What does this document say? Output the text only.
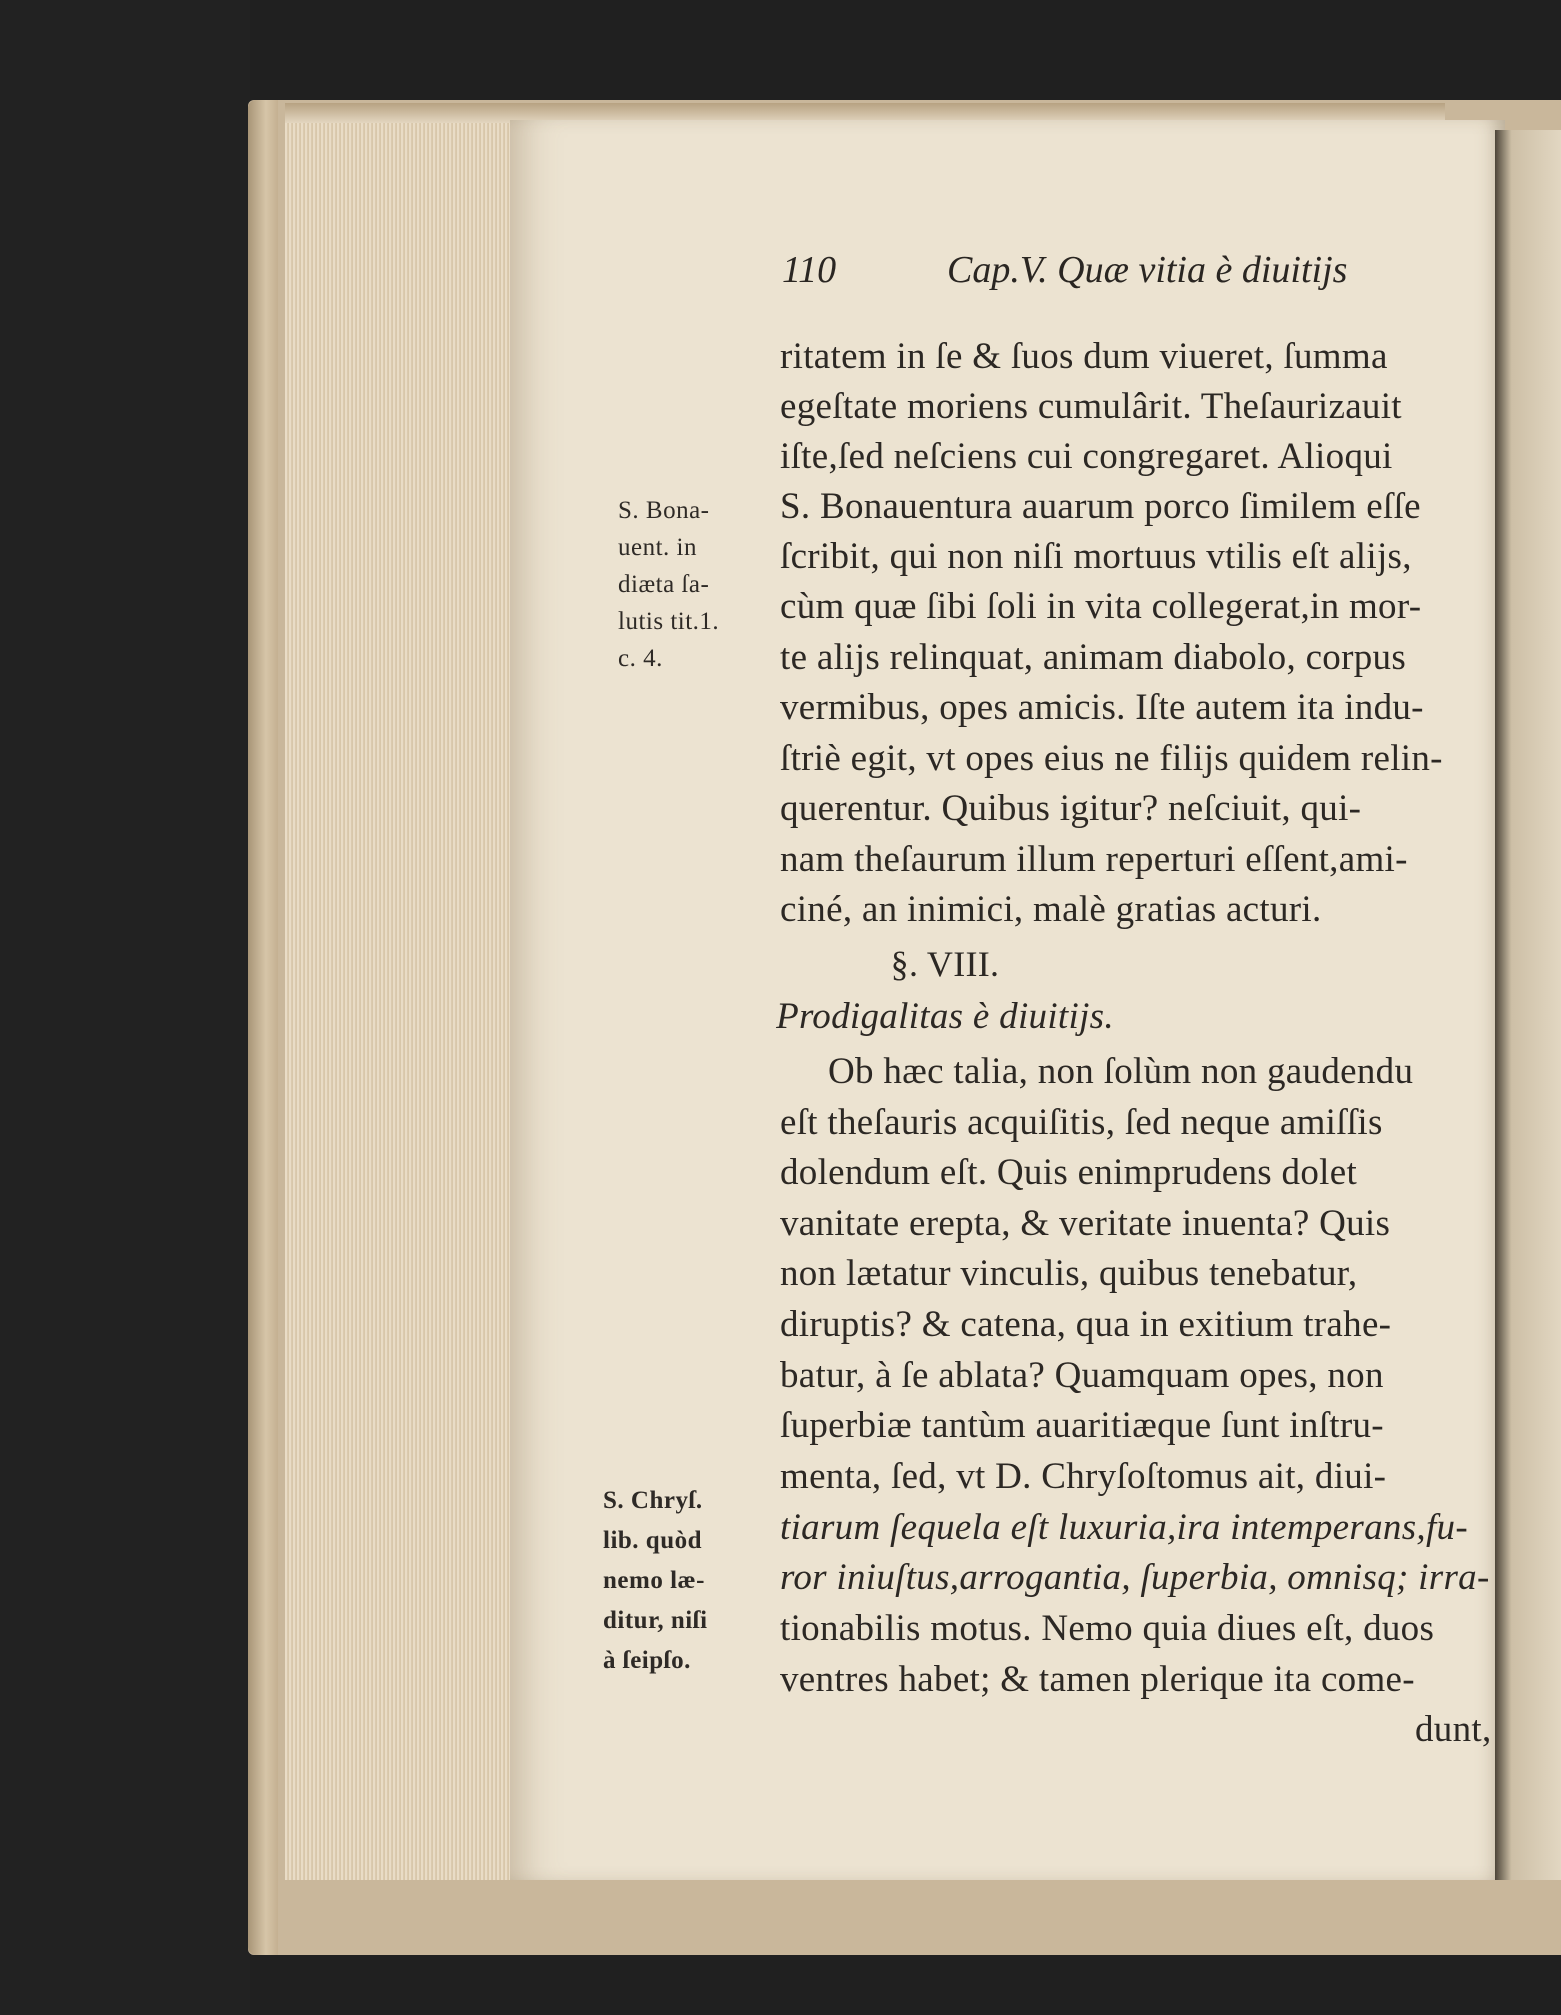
110	Cap.V. Quæ vitia è diuitijs
ritatem in ſe & ſuos dum viueret, ſumma
egeſtate moriens cumulârit. Theſaurizauit
iſte,ſed neſciens cui congregaret. Alioqui
S. Bonauentura auarum porco ſimilem eſſe
ſcribit, qui non niſi mortuus vtilis eſt alijs,
cùm quæ ſibi ſoli in vita collegerat,in mor-
te alijs relinquat, animam diabolo, corpus
vermibus, opes amicis. Iſte autem ita indu-
ſtriè egit, vt opes eius ne filijs quidem relin-
querentur. Quibus igitur? neſciuit, qui-
nam theſaurum illum reperturi eſſent,ami-
ciné, an inimici, malè gratias acturi.
§. VIII.
Prodigalitas è diuitijs.
Ob hæc talia, non ſolùm non gaudendu
eſt theſauris acquiſitis, ſed neque amiſſis
dolendum eſt. Quis enimprudens dolet
vanitate erepta, & veritate inuenta? Quis
non lætatur vinculis, quibus tenebatur,
diruptis? & catena, qua in exitium trahe-
batur, à ſe ablata? Quamquam opes, non
ſuperbiæ tantùm auaritiæque ſunt inſtru-
menta, ſed, vt D. Chryſoſtomus ait, diui-
tiarum ſequela eſt luxuria,ira intemperans,fu-
ror iniuſtus,arrogantia, ſuperbia, omnisq; irra-
tionabilis motus. Nemo quia diues eſt, duos
ventres habet; & tamen plerique ita come-
dunt,
S. Bona-
uent. in
diæta ſa-
lutis tit.1.
c. 4.
S. Chryſ.
lib. quòd
nemo læ-
ditur, niſi
à ſeipſo.
